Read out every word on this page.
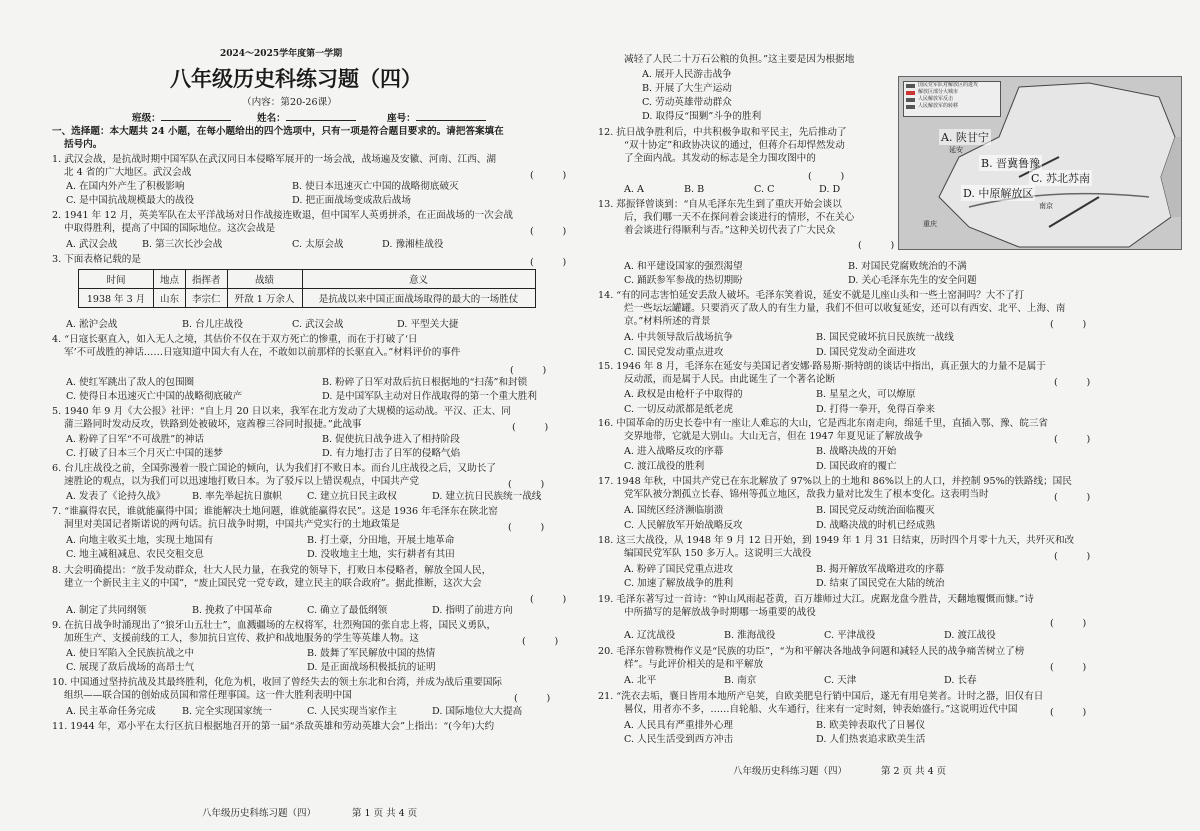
2024～2025学年度第一学期
八年级历史科练习题（四）
（内容：第20-26课）
班级：	姓名：	座号：
一、选择题：本大题共 24 小题，在每小题给出的四个选项中，只有一项是符合题目要求的。请把答案填在
括号内。
1. 武汉会战，是抗战时期中国军队在武汉同日本侵略军展开的一场会战，战场遍及安徽、河南、江西、湖
北 4 省的广大地区。武汉会战
A. 在国内外产生了积极影响	B. 使日本迅速灭亡中国的战略彻底破灭
C. 是中国抗战规模最大的战役	D. 把正面战场变成敌后战场
2. 1941 年 12 月，英美军队在太平洋战场对日作战接连败退，但中国军人英勇拼杀，在正面战场的一次会战
中取得胜利，提高了中国的国际地位。这次会战是
A. 武汉会战	B. 第三次长沙会战	C. 太原会战	D. 豫湘桂战役
3. 下面表格记载的是
A. 淞沪会战	B. 台儿庄战役	C. 武汉会战	D. 平型关大捷
4. “日寇长驱直入，如入无人之境，其估价不仅在于双方死亡的惨重，而在于打破了‘日
军’不可战胜的神话……日寇知道中国大有人在，不敢如以前那样的长驱直入。”材料评价的事件
A. 使红军跳出了敌人的包围圈	B. 粉碎了日军对敌后抗日根据地的“扫荡”和封锁
C. 使得日本迅速灭亡中国的战略彻底破产	D. 是中国军队主动对日作战取得的第一个重大胜利
5. 1940 年 9 月《大公报》社评：“自上月 20 日以来，我军在北方发动了大规模的运动战。平汉、正太、同
蒲三路同时发动反攻，铁路到处被破坏，寇酋穆三谷同时报捷。”此战事
A. 粉碎了日军“不可战胜”的神话	B. 促使抗日战争进入了相持阶段
C. 打破了日本三个月灭亡中国的迷梦	D. 有力地打击了日军的侵略气焰
6. 台儿庄战役之前，全国弥漫着一股亡国论的倾向，认为我们打不败日本。而台儿庄战役之后，又助长了
速胜论的观点，以为我们可以迅速地打败日本。为了驳斥以上错误观点，中国共产党
A. 发表了《论持久战》	B. 率先举起抗日旗帜	C. 建立抗日民主政权	D. 建立抗日民族统一战线
7. “谁赢得农民，谁就能赢得中国；谁能解决土地问题，谁就能赢得农民”。这是 1936 年毛泽东在陕北窑
洞里对美国记者斯诺说的两句话。抗日战争时期，中国共产党实行的土地政策是
A. 向地主收买土地，实现土地国有	B. 打土豪，分田地，开展土地革命
C. 地主减租减息、农民交租交息	D. 没收地主土地，实行耕者有其田
8. 大会明确提出：“放手发动群众，壮大人民力量，在我党的领导下，打败日本侵略者，解放全国人民，
建立一个新民主主义的中国”，“废止国民党一党专政，建立民主的联合政府”。据此推断，这次大会
A. 制定了共同纲领	B. 挽救了中国革命	C. 确立了最低纲领	D. 指明了前进方向
9. 在抗日战争时涌现出了“狼牙山五壮士”，血溅疆场的左权将军，壮烈殉国的张自忠上将，国民义勇队，
加班生产、支援前线的工人，参加抗日宣传、救护和战地服务的学生等英雄人物。这
A. 使日军陷入全民族抗战之中	B. 鼓舞了军民解放中国的热情
C. 展现了敌后战场的高昂士气	D. 是正面战场积极抵抗的证明
10. 中国通过坚持抗战及其最终胜利，化危为机，收回了曾经失去的领土东北和台湾，并成为战后重要国际
组织——联合国的创始成员国和常任理事国。这一件大胜利表明中国
A. 民主革命任务完成	B. 完全实现国家统一	C. 人民实现当家作主	D. 国际地位大大提高
11. 1944 年，邓小平在太行区抗日根据地召开的第一届“杀敌英雄和劳动英雄大会”上指出：“(今年)大约
(　　　)
(　　　)
(　　　)
(　　　)
(　　　)
(　　　)
(　　　)
(　　　)
(　　　)
(　　　)
时间	地点	指挥者	战绩	意义
1938 年 3 月	山东	李宗仁	歼敌 1 万余人	是抗战以来中国正面战场取得的最大的一场胜仗
八年级历史科练习题（四）	第 1 页 共 4 页
减轻了人民二十万石公粮的负担。”这主要是因为根据地
A. 展开人民游击战争
B. 开展了大生产运动
C. 劳动英雄带动群众
D. 取得反“围剿”斗争的胜利
12. 抗日战争胜利后，中共积极争取和平民主，先后推动了
“双十协定”和政协决议的通过，但蒋介石却悍然发动
了全面内战。其发动的标志是全力围攻图中的
A. A	B. B	C. C	D. D
13. 郑振铎曾谈到：“自从毛泽东先生到了重庆开始会谈以
后，我们哪一天不在探问着会谈进行的情形，不在关心
着会谈进行得顺利与否。”这种关切代表了广大民众
A. 和平建设国家的强烈渴望	B. 对国民党腐败统治的不满
C. 踊跃参军参战的热切期盼	D. 关心毛泽东先生的安全问题
14. “有的同志害怕延安丢敌人破坏。毛泽东笑着说，延安不就是儿座山头和一些土窑洞吗？大不了打
烂一些坛坛罐罐。只要消灭了敌人的有生力量，我们不但可以收复延安，还可以有西安、北平、上海、南
京。”材料所述的背景
A. 中共领导敌后战场抗争	B. 国民党破坏抗日民族统一战线
C. 国民党发动重点进攻	D. 国民党发动全面进攻
15. 1946 年 8 月，毛泽东在延安与美国记者安娜·路易斯·斯特朗的谈话中指出，真正强大的力量不是属于
反动派，而是属于人民。由此诞生了一个著名论断
A. 政权是由枪杆子中取得的	B. 星星之火，可以燎原
C. 一切反动派都是纸老虎	D. 打得一拳开，免得百拳来
16. 中国革命的历史长卷中有一座让人难忘的大山，它是西北东南走向，绵延千里，直插入鄂、豫、皖三省
交界地带，它就是大别山。大山无言，但在 1947 年夏见证了解放战争
A. 进入战略反攻的序幕	B. 战略决战的开始
C. 渡江战役的胜利	D. 国民政府的覆亡
17. 1948 年秋，中国共产党已在东北解放了 97%以上的土地和 86%以上的人口，并控制 95%的铁路线；国民
党军队被分割孤立长春、锦州等孤立地区，敌我力量对比发生了根本变化。这表明当时
A. 国统区经济濒临崩溃	B. 国民党反动统治面临覆灭
C. 人民解放军开始战略反攻	D. 战略决战的时机已经成熟
18. 这三大战役，从 1948 年 9 月 12 日开始，到 1949 年 1 月 31 日结束，历时四个月零十九天，共歼灭和改
编国民党军队 150 多万人。这说明三大战役
A. 粉碎了国民党重点进攻	B. 揭开解放军战略进攻的序幕
C. 加速了解放战争的胜利	D. 结束了国民党在大陆的统治
19. 毛泽东著写过一首诗：“钟山风雨起苍黄，百万雄师过大江。虎踞龙盘今胜昔，天翻地覆慨而慷。”诗
中所描写的是解放战争时期哪一场重要的战役
A. 辽沈战役	B. 淮海战役	C. 平津战役	D. 渡江战役
20. 毛泽东曾称赞梅作义是“民族的功臣”，“为和平解决各地战争问题和减轻人民的战争痛苦树立了榜
样”。与此评价相关的是和平解放
A. 北平	B. 南京	C. 天津	D. 长春
21. “洗衣去垢，襄日皆用本地所产皂荚，自欧美肥皂行销中国后，遂无有用皂荚者。计时之器，旧仅有日
晷仪，用者亦不多，……自轮船、火车通行，往来有一定时刻，钟表始盛行。”这说明近代中国
A. 人民具有严重排外心理	B. 欧美钟表取代了日晷仪
C. 人民生活受到西方冲击	D. 人们热衷追求欧美生活
(　　　)
(　　　)
(　　　)
(　　　)
(　　　)
(　　　)
(　　　)
(　　　)
(　　　)
(　　　)
国民党军队对解放区的进攻
解放区部分大城市
人民解放军反击
人民解放军的转移
A. 陕甘宁
B. 晋冀鲁豫
C. 苏北苏南
D. 中原解放区
延安
重庆
南京
八年级历史科练习题（四）	第 2 页 共 4 页
